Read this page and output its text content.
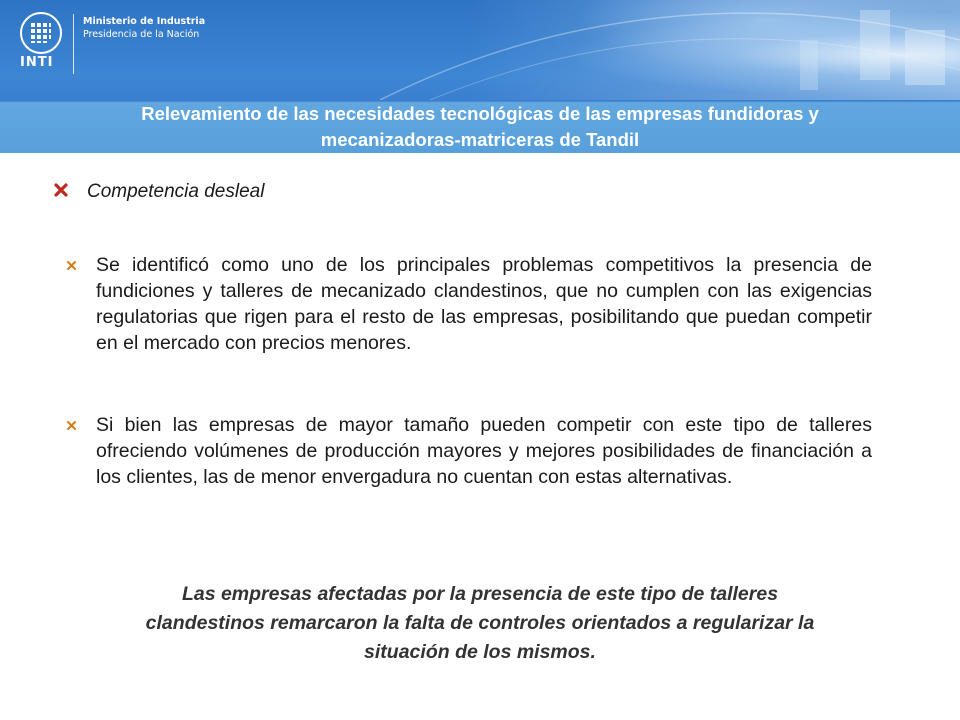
INTI
Ministerio de Industria
Presidencia de la Nación
Relevamiento de las necesidades tecnológicas de las empresas fundidoras y
mecanizadoras-matriceras de Tandil
Competencia desleal
Se identificó como uno de los principales problemas competitivos la presencia de fundiciones y talleres de mecanizado clandestinos, que no cumplen con las exigencias regulatorias que rigen para el resto de las empresas, posibilitando que puedan competir en el mercado con precios menores.
Si bien las empresas de mayor tamaño pueden competir con este tipo de talleres ofreciendo volúmenes de producción mayores y mejores posibilidades de financiación a los clientes, las de menor envergadura no cuentan con estas alternativas.
Las empresas afectadas por la presencia de este tipo de talleres
clandestinos remarcaron la falta de controles orientados a regularizar la
situación de los mismos.
